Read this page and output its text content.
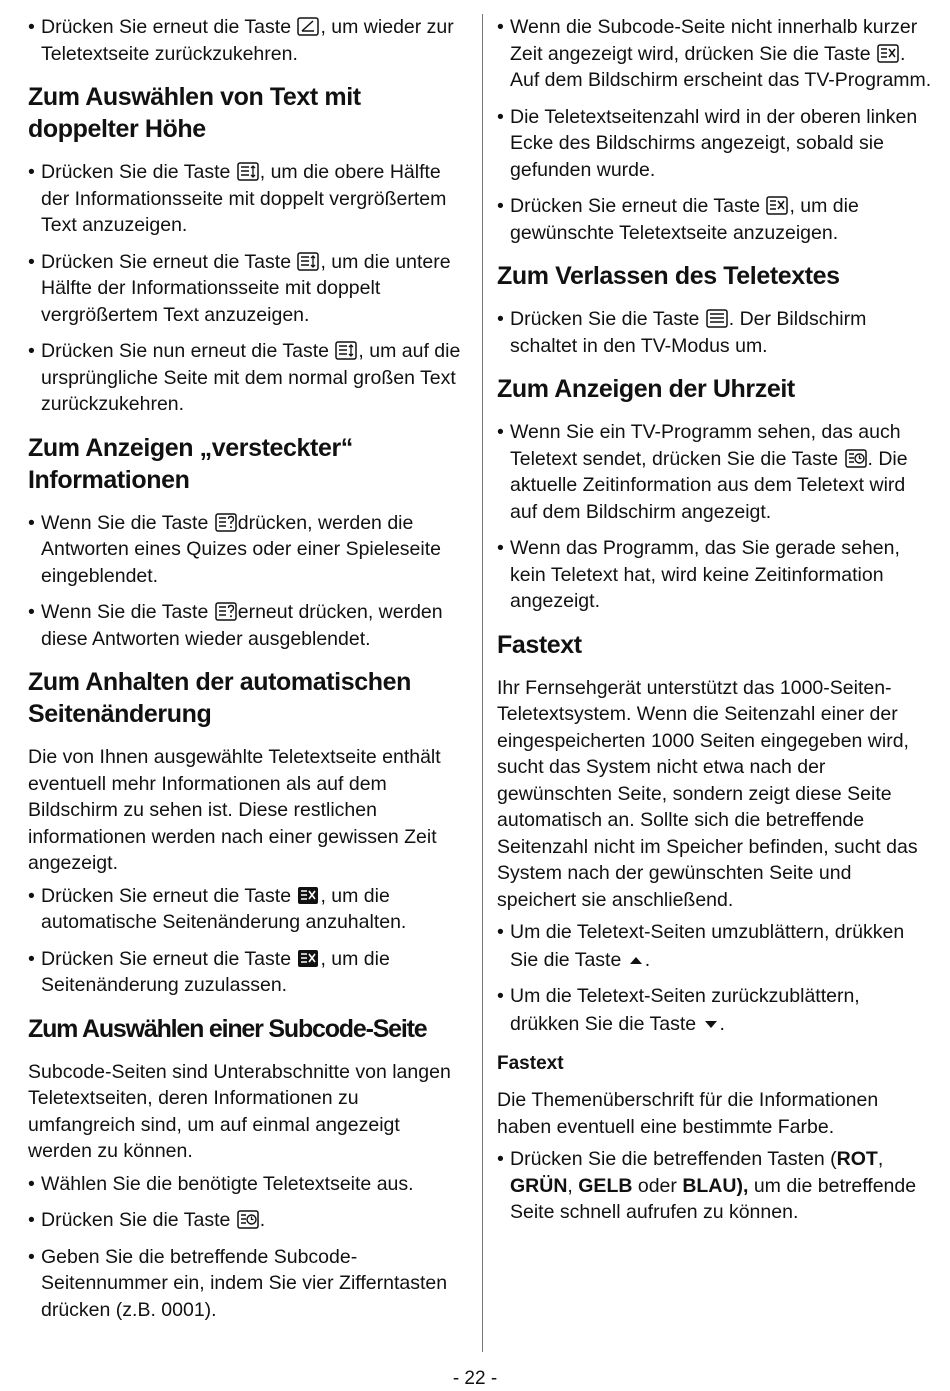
• Drücken Sie erneut die Taste , um wieder zur Teletextseite zurückzukehren.

Zum Auswählen von Text mit doppelter Höhe

• Drücken Sie die Taste , um die obere Hälfte der Informationsseite mit doppelt vergrößertem Text anzuzeigen.

• Drücken Sie erneut die Taste , um die untere Hälfte der Informationsseite mit doppelt vergrößertem Text anzuzeigen.

• Drücken Sie nun erneut die Taste , um auf die ursprüngliche Seite mit dem normal großen Text zurückzukehren.

Zum Anzeigen „versteckter“ Informationen

• Wenn Sie die Taste drücken, werden die Antworten eines Quizes oder einer Spieleseite eingeblendet.

• Wenn Sie die Taste erneut drücken, werden diese Antworten wieder ausgeblendet.

Zum Anhalten der automatischen Seitenänderung

Die von Ihnen ausgewählte Teletextseite enthält eventuell mehr Informationen als auf dem Bildschirm zu sehen ist. Diese restlichen informationen werden nach einer gewissen Zeit angezeigt.

• Drücken Sie erneut die Taste , um die automatische Seitenänderung anzuhalten.

• Drücken Sie erneut die Taste , um die Seitenänderung zuzulassen.

Zum Auswählen einer Subcode-Seite

Subcode-Seiten sind Unterabschnitte von langen Teletextseiten, deren Informationen zu umfangreich sind, um auf einmal angezeigt werden zu können.

• Wählen Sie die benötigte Teletextseite aus.

• Drücken Sie die Taste .

• Geben Sie die betreffende Subcode-Seitennummer ein, indem Sie vier Zifferntasten drücken (z.B. 0001).

• Wenn die Subcode-Seite nicht innerhalb kurzer Zeit angezeigt wird, drücken Sie die Taste . Auf dem Bildschirm erscheint das TV-Programm.

• Die Teletextseitenzahl wird in der oberen linken Ecke des Bildschirms angezeigt, sobald sie gefunden wurde.

• Drücken Sie erneut die Taste , um die gewünschte Teletextseite anzuzeigen.

Zum Verlassen des Teletextes

• Drücken Sie die Taste . Der Bildschirm schaltet in den TV-Modus um.

Zum Anzeigen der Uhrzeit

• Wenn Sie ein TV-Programm sehen, das auch Teletext sendet, drücken Sie die Taste . Die aktuelle Zeitinformation aus dem Teletext wird auf dem Bildschirm angezeigt.

• Wenn das Programm, das Sie gerade sehen, kein Teletext hat, wird keine Zeitinformation angezeigt.

Fastext

Ihr Fernsehgerät unterstützt das 1000-Seiten-Teletextsystem. Wenn die Seitenzahl einer der eingespeicherten 1000 Seiten eingegeben wird, sucht das System nicht etwa nach der gewünschten Seite, sondern zeigt diese Seite automatisch an. Sollte sich die betreffende Seitenzahl nicht im Speicher befinden, sucht das System nach der gewünschten Seite und speichert sie anschließend.

• Um die Teletext-Seiten umzublättern, drükken Sie die Taste .

• Um die Teletext-Seiten zurückzublättern, drükken Sie die Taste .

Fastext

Die Themenüberschrift für die Informationen haben eventuell eine bestimmte Farbe.

• Drücken Sie die betreffenden Tasten (ROT, GRÜN, GELB oder BLAU), um die betreffende Seite schnell aufrufen zu können.

- 22 -
